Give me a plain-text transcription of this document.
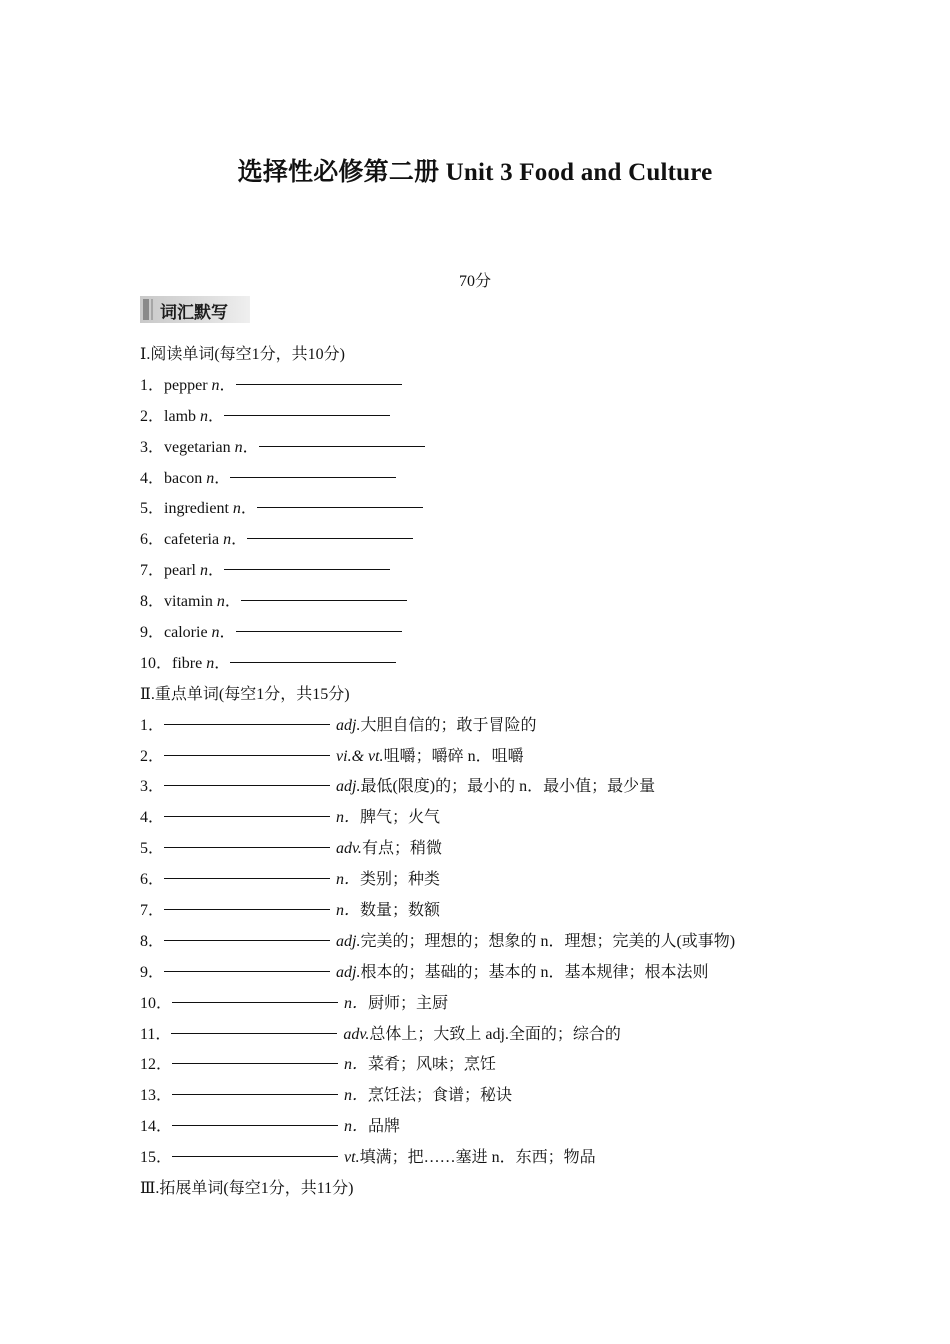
选择性必修第二册 Unit 3 Food and Culture
70分
词汇默写
Ⅰ.阅读单词(每空1分，共10分)
1．pepper n．
2．lamb n．
3．vegetarian n．
4．bacon n．
5．ingredient n．
6．cafeteria n．
7．pearl n．
8．vitamin n．
9．calorie n．
10．fibre n．
Ⅱ.重点单词(每空1分，共15分)
1．	adj.大胆自信的；敢于冒险的
2．	vi.& vt.咀嚼；嚼碎 n．咀嚼
3．	adj.最低(限度)的；最小的 n．最小值；最少量
4．	n．脾气；火气
5．	adv.有点；稍微
6．	n．类别；种类
7．	n．数量；数额
8．	adj.完美的；理想的；想象的 n．理想；完美的人(或事物)
9．	adj.根本的；基础的；基本的 n．基本规律；根本法则
10．	n．厨师；主厨
11．	adv.总体上；大致上 adj.全面的；综合的
12．	n．菜肴；风味；烹饪
13．	n．烹饪法；食谱；秘诀
14．	n．品牌
15．	vt.填满；把……塞进 n．东西；物品
Ⅲ.拓展单词(每空1分，共11分)
